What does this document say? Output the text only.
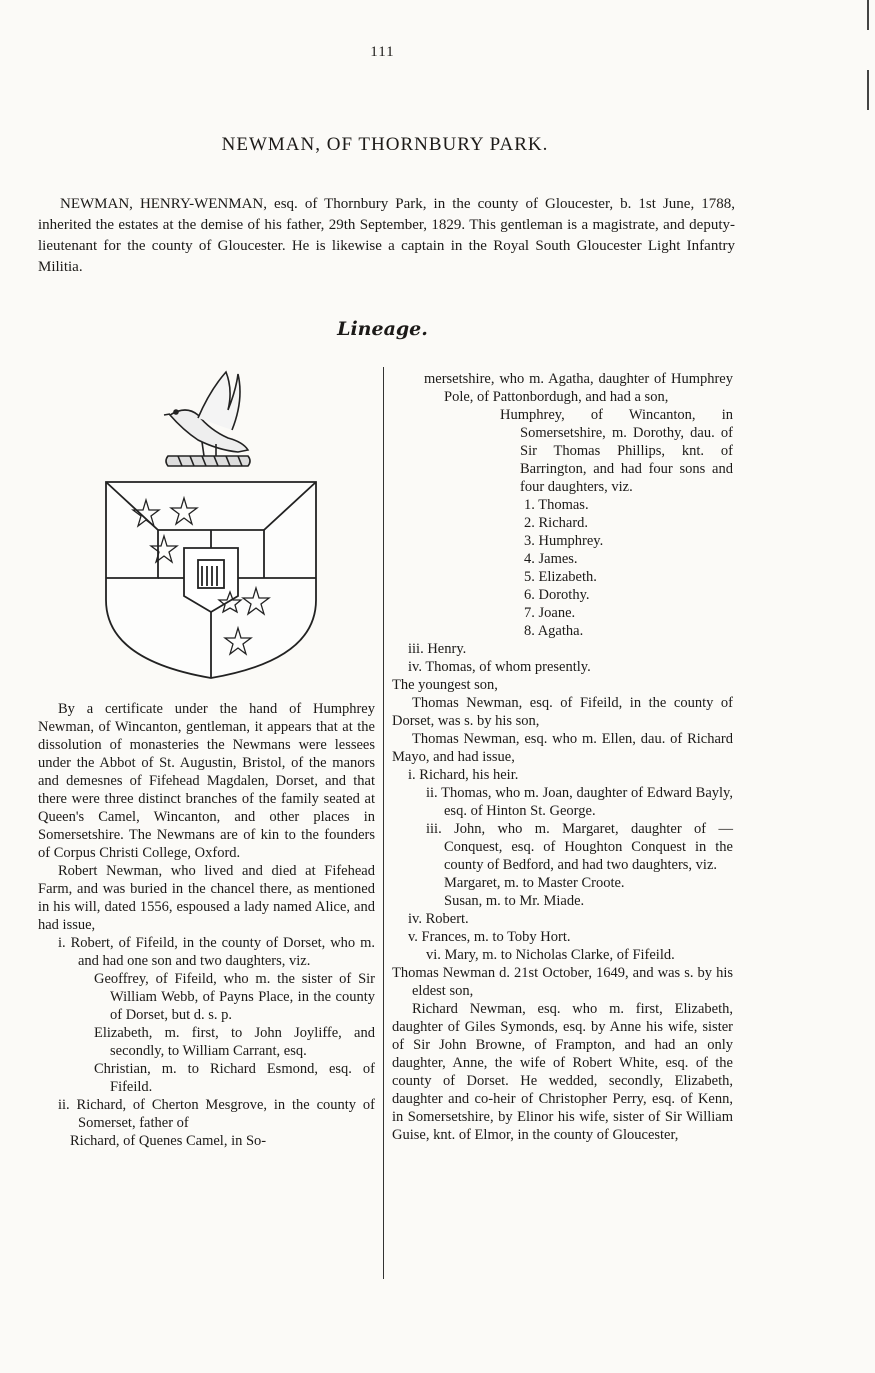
111
NEWMAN, OF THORNBURY PARK.

NEWMAN, HENRY-WENMAN, esq. of Thornbury Park, in the county of Gloucester, b. 1st June, 1788, inherited the estates at the demise of his father, 29th September, 1829. This gentleman is a magistrate, and deputy-lieutenant for the county of Gloucester. He is likewise a captain in the Royal South Gloucester Light Infantry Militia.

Lineage.

By a certificate under the hand of Humphrey Newman, of Wincanton, gentleman, it appears that at the dissolution of monasteries the Newmans were lessees under the Abbot of St. Augustin, Bristol, of the manors and demesnes of Fifehead Magdalen, Dorset, and that there were three distinct branches of the family seated at Queen's Camel, Wincanton, and other places in Somersetshire. The Newmans are of kin to the founders of Corpus Christi College, Oxford.

Robert Newman, who lived and died at Fifehead Farm, and was buried in the chancel there, as mentioned in his will, dated 1556, espoused a lady named Alice, and had issue,

i. Robert, of Fifeild, in the county of Dorset, who m. and had one son and two daughters, viz.

Geoffrey, of Fifeild, who m. the sister of Sir William Webb, of Payns Place, in the county of Dorset, but d. s. p.

Elizabeth, m. first, to John Joyliffe, and secondly, to William Carrant, esq.

Christian, m. to Richard Esmond, esq. of Fifeild.

ii. Richard, of Cherton Mesgrove, in the county of Somerset, father of

Richard, of Quenes Camel, in So-

mersetshire, who m. Agatha, daughter of Humphrey Pole, of Pattonbordugh, and had a son,

Humphrey, of Wincanton, in Somersetshire, m. Dorothy, dau. of Sir Thomas Phillips, knt. of Barrington, and had four sons and four daughters, viz.

1. Thomas.

2. Richard.

3. Humphrey.

4. James.

5. Elizabeth.

6. Dorothy.

7. Joane.

8. Agatha.

iii. Henry.

iv. Thomas, of whom presently.

The youngest son,

Thomas Newman, esq. of Fifeild, in the county of Dorset, was s. by his son,

Thomas Newman, esq. who m. Ellen, dau. of Richard Mayo, and had issue,

i. Richard, his heir.

ii. Thomas, who m. Joan, daughter of Edward Bayly, esq. of Hinton St. George.

iii. John, who m. Margaret, daughter of — Conquest, esq. of Houghton Conquest in the county of Bedford, and had two daughters, viz.

Margaret, m. to Master Croote.

Susan, m. to Mr. Miade.

iv. Robert.

v. Frances, m. to Toby Hort.

vi. Mary, m. to Nicholas Clarke, of Fifeild.

Thomas Newman d. 21st October, 1649, and was s. by his eldest son,

Richard Newman, esq. who m. first, Elizabeth, daughter of Giles Symonds, esq. by Anne his wife, sister of Sir John Browne, of Frampton, and had an only daughter, Anne, the wife of Robert White, esq. of the county of Dorset. He wedded, secondly, Elizabeth, daughter and co-heir of Christopher Perry, esq. of Kenn, in Somersetshire, by Elinor his wife, sister of Sir William Guise, knt. of Elmor, in the county of Gloucester,
